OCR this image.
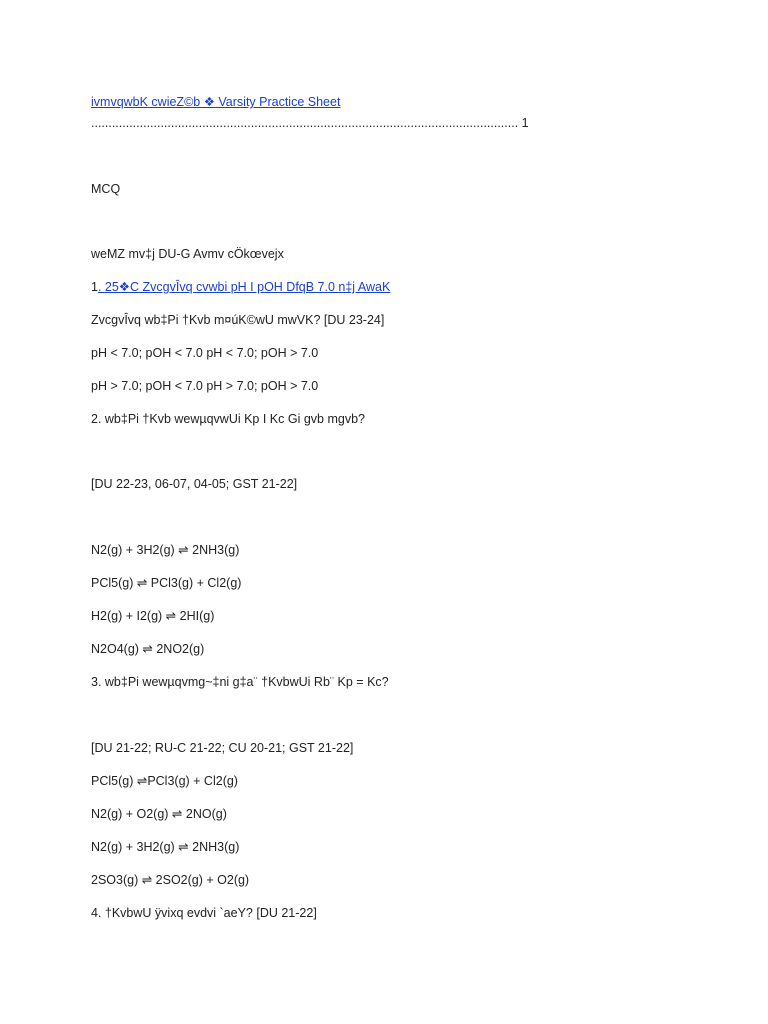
ivmvqwbK cwieZ©b ❖ Varsity Practice Sheet
........................................................................................................................... 1
MCQ
weMZ mv‡j DU-G Avmv cÖkœvejx
1. 25❖C ZvcgvÎvq cvwbi pH I pOH DfqB 7.0 n‡j AwaK
ZvcgvÎvq wb‡Pi †Kvb m¤úK©wU mwVK? [DU 23-24]
pH < 7.0; pOH < 7.0 pH < 7.0; pOH > 7.0
pH > 7.0; pOH < 7.0 pH > 7.0; pOH > 7.0
2. wb‡Pi †Kvb wewµqvwUi Kp I Kc Gi gvb mgvb?
[DU 22-23, 06-07, 04-05; GST 21-22]
N2(g) + 3H2(g) ⇌ 2NH3(g)
PCl5(g) ⇌ PCl3(g) + Cl2(g)
H2(g) + I2(g) ⇌ 2HI(g)
N2O4(g) ⇌ 2NO2(g)
3. wb‡Pi wewµqvmg~‡ni g‡a¨ †KvbwUi Rb¨ Kp = Kc?
[DU 21-22; RU-C 21-22; CU 20-21; GST 21-22]
PCl5(g) ⇌PCl3(g) + Cl2(g)
N2(g) + O2(g) ⇌ 2NO(g)
N2(g) + 3H2(g) ⇌ 2NH3(g)
2SO3(g) ⇌ 2SO2(g) + O2(g)
4. †KvbwU ÿvixq evdvi `aeY? [DU 21-22]
